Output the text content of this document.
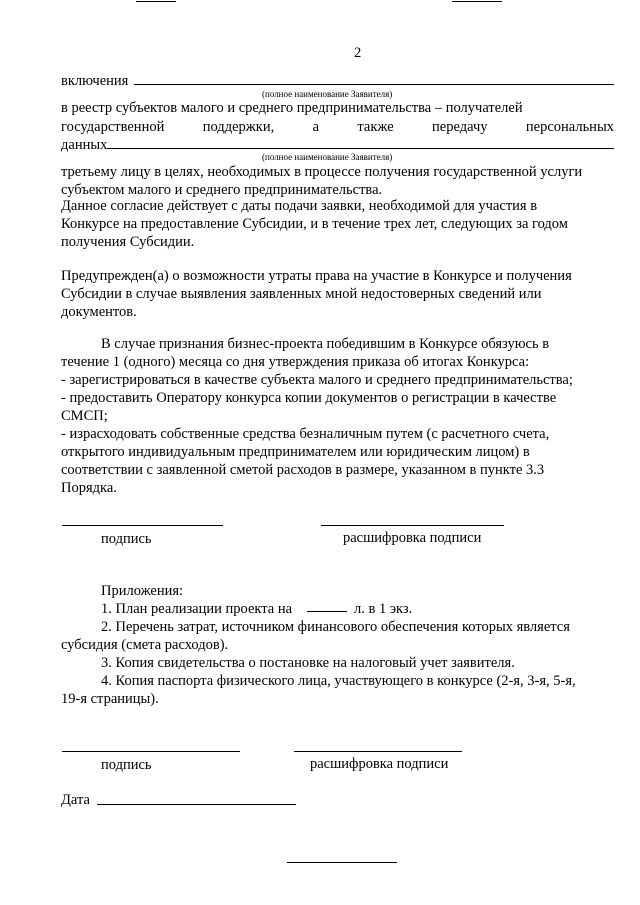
2
включения
(полное наименование Заявителя)
в реестр субъектов малого и среднего предпринимательства – получателей
государственной	поддержки,	а	также	передачу	персональных
данных
(полное наименование Заявителя)
третьему лицу в целях, необходимых в процессе получения государственной услуги
субъектом малого и среднего предпринимательства.
Данное согласие действует с даты подачи заявки, необходимой для участия в
Конкурсе на предоставление Субсидии, и в течение трех лет, следующих за годом
получения Субсидии.
Предупрежден(а) о возможности утраты права на участие в Конкурсе и получения
Субсидии в случае выявления заявленных мной недостоверных сведений или
документов.
В случае признания бизнес-проекта победившим в Конкурсе обязуюсь в
течение 1 (одного) месяца со дня утверждения приказа об итогах Конкурса:
- зарегистрироваться в качестве субъекта малого и среднего предпринимательства;
- предоставить Оператору конкурса копии документов о регистрации в качестве
СМСП;
- израсходовать собственные средства безналичным путем (с расчетного счета,
открытого индивидуальным предпринимателем или юридическим лицом) в
соответствии с заявленной сметой расходов в размере, указанном в пункте 3.3
Порядка.
подпись	расшифровка подписи
Приложения:
1. План реализации проекта на	л. в 1 экз.
2. Перечень затрат, источником финансового обеспечения которых является
субсидия (смета расходов).
3. Копия свидетельства о постановке на налоговый учет заявителя.
4. Копия паспорта физического лица, участвующего в конкурсе (2-я, 3-я, 5-я,
19-я страницы).
подпись	расшифровка подписи
Дата
